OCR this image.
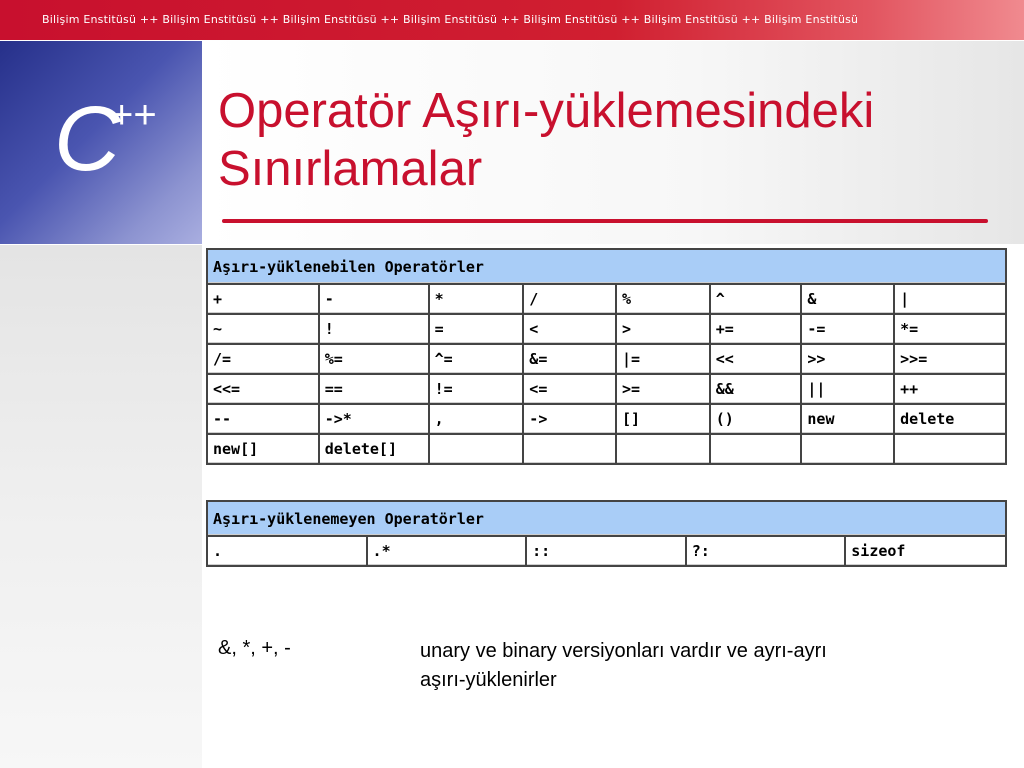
Bilişim Enstitüsü ++ Bilişim Enstitüsü ++ Bilişim Enstitüsü ++ Bilişim Enstitüsü ++ Bilişim Enstitüsü ++ Bilişim Enstitüsü ++ Bilişim Enstitüsü
C
++ Operatör Aşırı-yüklemesindeki
Sınırlamalar
Aşırı-yüklenebilen Operatörler							
+	-	*	/	%	^	&	|
~	!	=	<	>	+=	-=	*=
/=	%=	^=	&=	|=	<<	>>	>>=
<<=	==	!=	<=	>=	&&	||	++
--	->*	,	->	[]	()	new	delete
new[]	delete[]						
Aşırı-yüklenemeyen Operatörler
.	.*	::	?:	sizeof
&, *, +, -	unary ve binary versiyonları vardır ve ayrı-ayrı
aşırı-yüklenirler
